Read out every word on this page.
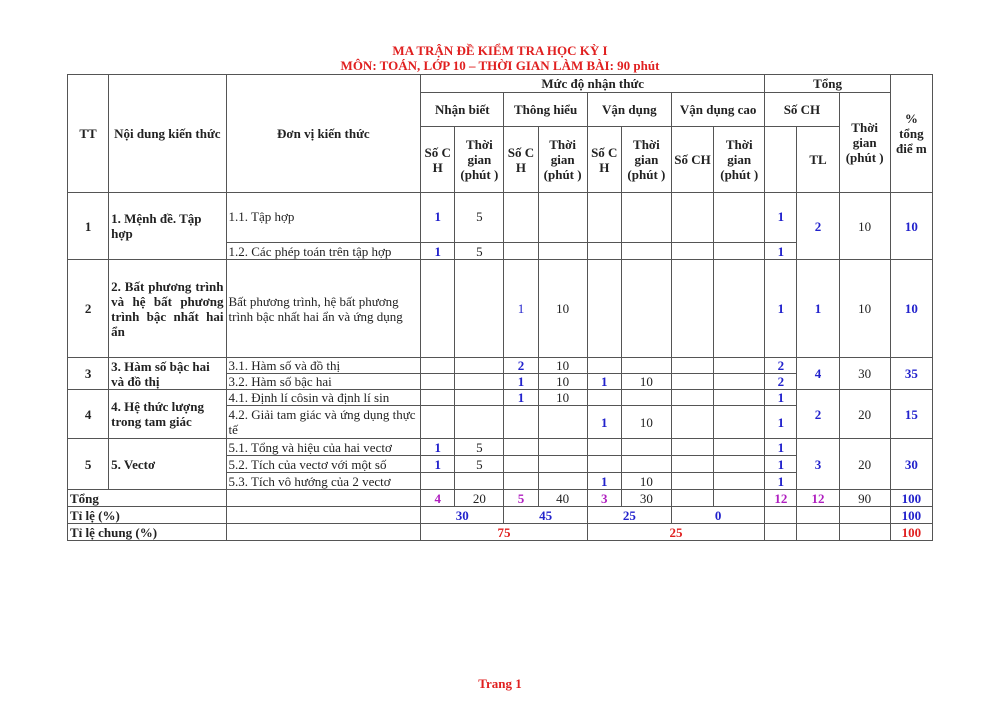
MA TRẬN ĐỀ KIỂM TRA HỌC KỲ I
MÔN: TOÁN, LỚP 10 – THỜI GIAN LÀM BÀI: 90 phút
TT	Nội dung kiến thức	Đơn vị kiến thức	Mức độ nhận thức								Tổng			% tổng điể m
			Nhận biết		Thông hiểu		Vận dụng		Vận dụng cao		Số CH		Thời gian (phút )	
			Số C H	Thời gian (phút )	Số C H	Thời gian (phút )	Số C H	Thời gian (phút )	Số CH	Thời gian (phút )		TL		

1	1. Mệnh đề. Tập hợp	1.1. Tập hợp	1	5							1	2	10	10
		1.2. Các phép toán trên tập hợp	1	5							1			
2	2. Bất phương trình và hệ bất phương trình bậc nhất hai ẩn	Bất phương trình, hệ bất phương trình bậc nhất hai ẩn và ứng dụng			1	10					1	1	10	10
3	3. Hàm số bậc hai và đồ thị	3.1. Hàm số và đồ thị			2	10					2	4	30	35
		3.2. Hàm số bậc hai			1	10	1	10			2			
4	4. Hệ thức lượng trong tam giác	4.1. Định lí côsin và định lí sin			1	10					1	2	20	15
		4.2. Giải tam giác và ứng dụng thực tế					1	10			1			
5	5. Vectơ	5.1. Tổng và hiệu của hai vectơ	1	5							1	3	20	30
		5.2. Tích của vectơ với một số	1	5							1			
		5.3. Tích vô hướng của 2 vectơ					1	10			1			
Tổng			4	20	5	40	3	30			12	12	90	100
Tỉ lệ (%)			30		45		25		0					100
Tỉ lệ chung (%)			75				25							100
Trang 1
